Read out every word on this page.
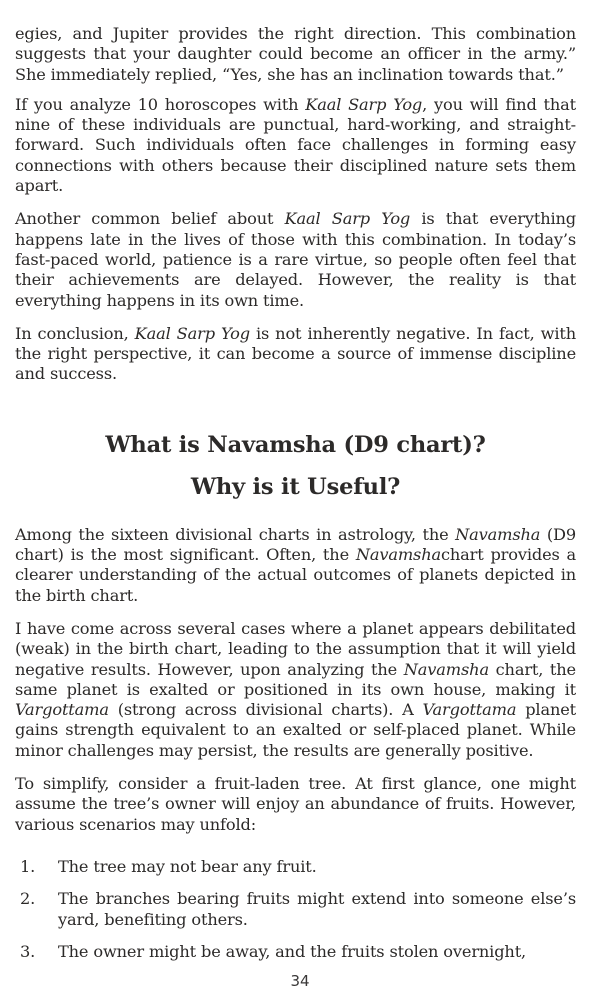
egies, and Jupiter provides the right direction. This combination suggests that your daughter could become an officer in the army.” She immediately replied, “Yes, she has an inclination towards that.”

If you analyze 10 horoscopes with Kaal Sarp Yog, you will find that nine of these individuals are punctual, hard-working, and straight-forward. Such individuals often face challenges in forming easy connections with others because their disciplined nature sets them apart.

Another common belief about Kaal Sarp Yog is that everything happens late in the lives of those with this combination. In today’s fast-paced world, patience is a rare virtue, so people often feel that their achievements are delayed. However, the reality is that everything happens in its own time.

In conclusion, Kaal Sarp Yog is not inherently negative. In fact, with the right perspective, it can become a source of immense discipline and success.

What is Navamsha (D9 chart)?
Why is it Useful?

Among the sixteen divisional charts in astrology, the Navamsha (D9 chart) is the most significant. Often, the Navamshachart provides a clearer understanding of the actual outcomes of planets depicted in the birth chart.

I have come across several cases where a planet appears debilitated (weak) in the birth chart, leading to the assumption that it will yield negative results. However, upon analyzing the Navamsha chart, the same planet is exalted or positioned in its own house, making it Vargottama (strong across divisional charts). A Vargottama planet gains strength equivalent to an exalted or self-placed planet. While minor challenges may persist, the results are generally positive.

To simplify, consider a fruit-laden tree. At first glance, one might assume the tree’s owner will enjoy an abundance of fruits. However, various scenarios may unfold:

1.	The tree may not bear any fruit.
2.	The branches bearing fruits might extend into someone else’s yard, benefiting others.
3.	The owner might be away, and the fruits stolen overnight,
34
